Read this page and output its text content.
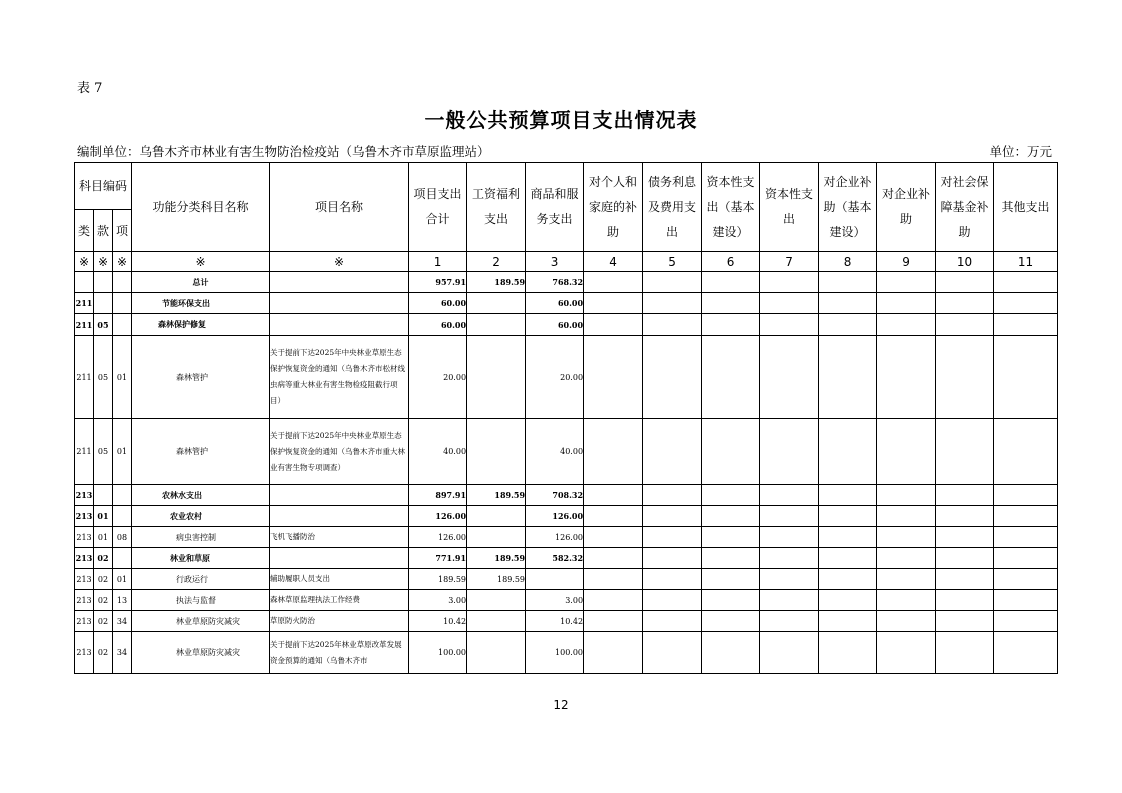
表 7
一般公共预算项目支出情况表
编制单位：乌鲁木齐市林业有害生物防治检疫站（乌鲁木齐市草原监理站）	单位：万元
科目编码			功能分类科目名称	项目名称	项目支出合计	工资福利支出	商品和服务支出	对个人和家庭的补助	债务利息及费用支出	资本性支出（基本建设）	资本性支出	对企业补助（基本建设）	对企业补助	对社会保障基金补助	其他支出
类	款	项													
※	※	※	※	※	1	2	3	4	5	6	7	8	9	10	11
			总计		957.91	189.59	768.32								
211			节能环保支出		60.00		60.00								
211	05		森林保护修复		60.00		60.00								
211	05	01	森林管护	关于提前下达2025年中央林业草原生态保护恢复资金的通知（乌鲁木齐市松材线虫病等重大林业有害生物检疫阻截行项目）	20.00		20.00								
211	05	01	森林管护	关于提前下达2025年中央林业草原生态保护恢复资金的通知（乌鲁木齐市重大林业有害生物专项调查）	40.00		40.00								
213			农林水支出		897.91	189.59	708.32								
213	01		农业农村		126.00		126.00								
213	01	08	病虫害控制	飞机飞播防治	126.00		126.00								
213	02		林业和草原		771.91	189.59	582.32								
213	02	01	行政运行	辅助履职人员支出	189.59	189.59									
213	02	13	执法与监督	森林草原监理执法工作经费	3.00		3.00								
213	02	34	林业草原防灾减灾	草原防火防治	10.42		10.42								
213	02	34	林业草原防灾减灾	关于提前下达2025年林业草原改革发展资金预算的通知（乌鲁木齐市	100.00		100.00								
12
